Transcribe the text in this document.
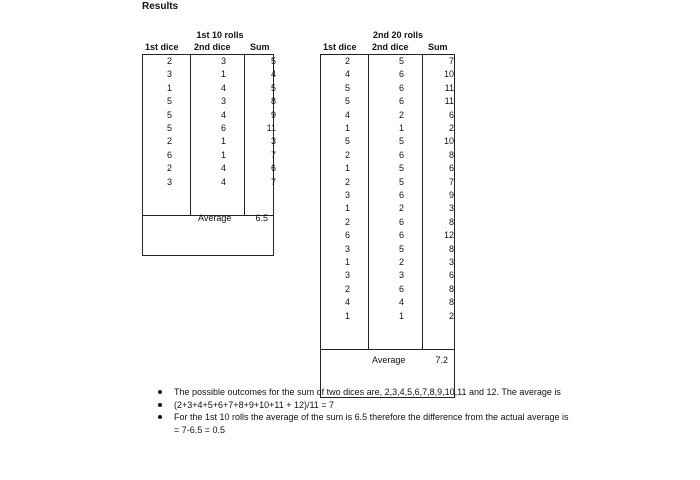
Results
1st 10 rolls
1st dice 2nd dice Sum
2	3	5
3	1	4
1	4	5
5	3	8
5	4	9
5	6	11
2	1	3
6	1	7
2	4	6
3	4	7
Average	6.5
2nd 20 rolls
1st dice 2nd dice Sum
2	5	7
4	6	10
5	6	11
5	6	11
4	2	6
1	1	2
5	5	10
2	6	8
1	5	6
2	5	7
3	6	9
1	2	3
2	6	8
6	6	12
3	5	8
1	2	3
3	3	6
2	6	8
4	4	8
1	1	2
Average	7.2
The possible outcomes for the sum of two dices are, 2,3,4,5,6,7,8,9,10,11 and 12. The average is
(2+3+4+5+6+7+8+9+10+11 + 12)/11 = 7
For the 1st 10 rolls the average of the sum is 6.5 therefore the difference from the actual average is = 7-6.5 = 0.5
